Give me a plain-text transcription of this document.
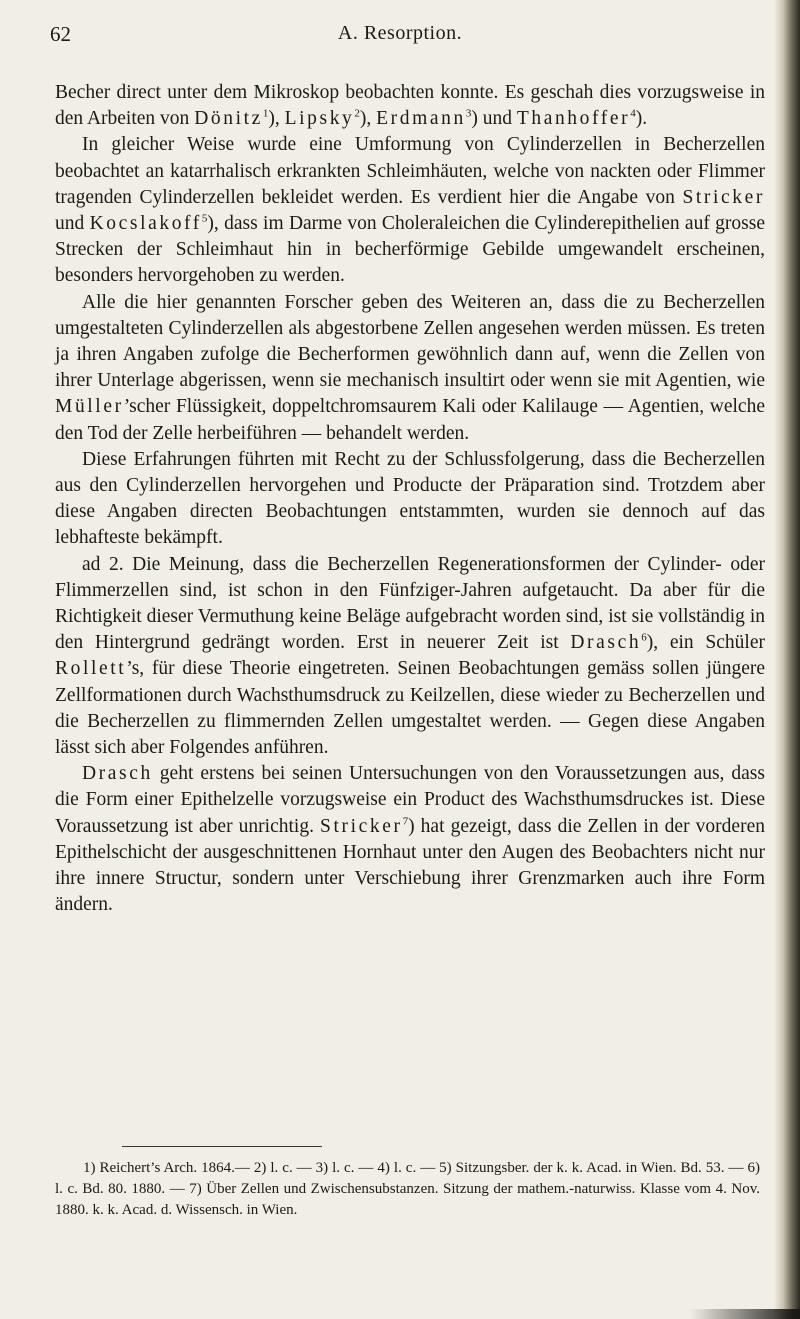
62	A. Resorption.

Becher direct unter dem Mikroskop beobachten konnte. Es geschah dies vorzugsweise in den Arbeiten von Dönitz$^1$), Lipsky$^2$), Erdmann$^3$) und Thanhoffer$^4$).

In gleicher Weise wurde eine Umformung von Cylinderzellen in Becherzellen beobachtet an katarrhalisch erkrankten Schleimhäuten, welche von nackten oder Flimmer tragenden Cylinderzellen bekleidet werden. Es verdient hier die Angabe von Stricker und Kocslakoff$^5$), dass im Darme von Choleraleichen die Cylinderepithelien auf grosse Strecken der Schleimhaut hin in becherförmige Gebilde umgewandelt erscheinen, besonders hervorgehoben zu werden.

Alle die hier genannten Forscher geben des Weiteren an, dass die zu Becherzellen umgestalteten Cylinderzellen als abgestorbene Zellen angesehen werden müssen. Es treten ja ihren Angaben zufolge die Becherformen gewöhnlich dann auf, wenn die Zellen von ihrer Unterlage abgerissen, wenn sie mechanisch insultirt oder wenn sie mit Agentien, wie Müller’scher Flüssigkeit, doppeltchromsaurem Kali oder Kalilauge — Agentien, welche den Tod der Zelle herbeiführen — behandelt werden.

Diese Erfahrungen führten mit Recht zu der Schlussfolgerung, dass die Becherzellen aus den Cylinderzellen hervorgehen und Producte der Präparation sind. Trotzdem aber diese Angaben directen Beobachtungen entstammten, wurden sie dennoch auf das lebhafteste bekämpft.

ad 2. Die Meinung, dass die Becherzellen Regenerationsformen der Cylinder- oder Flimmerzellen sind, ist schon in den Fünfziger-Jahren aufgetaucht. Da aber für die Richtigkeit dieser Vermuthung keine Beläge aufgebracht worden sind, ist sie vollständig in den Hintergrund gedrängt worden. Erst in neuerer Zeit ist Drasch$^6$), ein Schüler Rollett’s, für diese Theorie eingetreten. Seinen Beobachtungen gemäss sollen jüngere Zellformationen durch Wachsthumsdruck zu Keilzellen, diese wieder zu Becherzellen und die Becherzellen zu flimmernden Zellen umgestaltet werden. — Gegen diese Angaben lässt sich aber Folgendes anführen.

Drasch geht erstens bei seinen Untersuchungen von den Voraussetzungen aus, dass die Form einer Epithelzelle vorzugsweise ein Product des Wachsthumsdruckes ist. Diese Voraussetzung ist aber unrichtig. Stricker$^7$) hat gezeigt, dass die Zellen in der vorderen Epithelschicht der ausgeschnittenen Hornhaut unter den Augen des Beobachters nicht nur ihre innere Structur, sondern unter Verschiebung ihrer Grenzmarken auch ihre Form ändern.

1) Reichert’s Arch. 1864.— 2) l. c. — 3) l. c. — 4) l. c. — 5) Sitzungsber. der k. k. Acad. in Wien. Bd. 53. — 6) l. c. Bd. 80. 1880. — 7) Über Zellen und Zwischensubstanzen. Sitzung der mathem.-naturwiss. Klasse vom 4. Nov. 1880. k. k. Acad. d. Wissensch. in Wien.
